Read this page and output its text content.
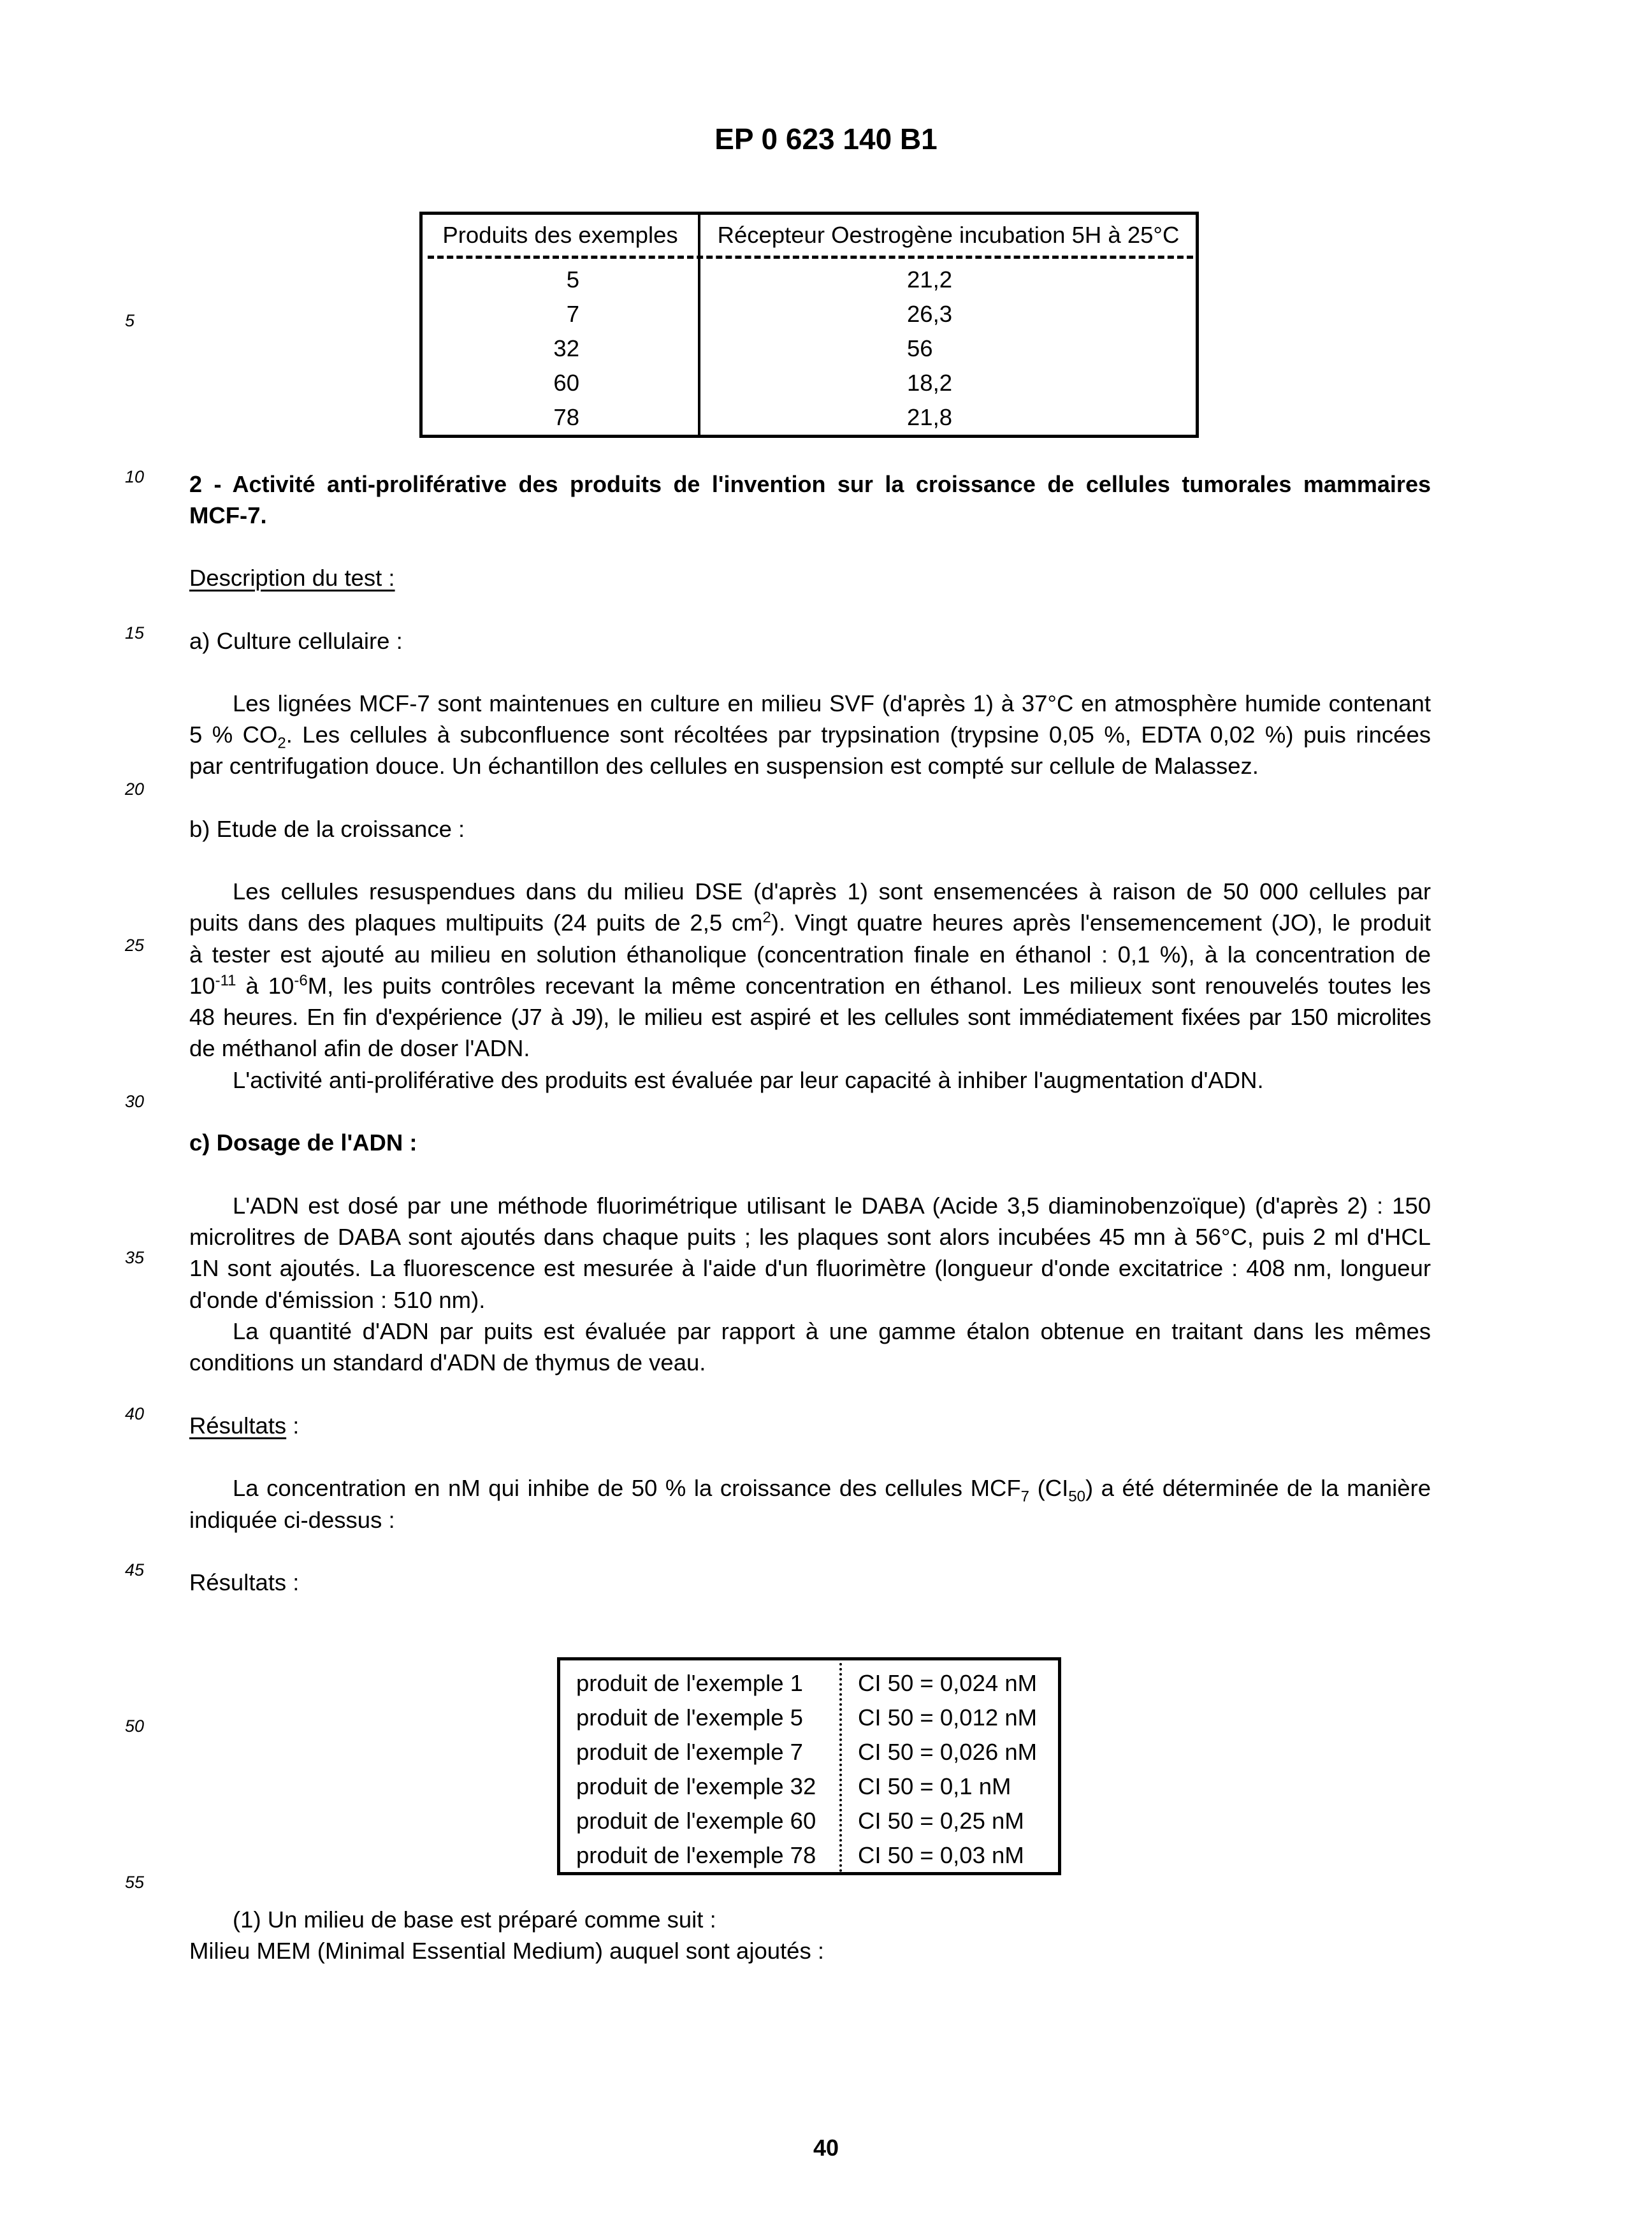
EP 0 623 140 B1
5
10
15
20
25
30
35
40
45
50
55
Produits des exemples	Récepteur Oestrogène incubation 5H à 25°C
5	21,2
7	26,3
32	56
60	18,2
78	21,8
2 - Activité anti-proliférative des produits de l'invention sur la croissance de cellules tumorales mammaires
MCF-7.
Description du test :
a) Culture cellulaire :
Les lignées MCF-7 sont maintenues en culture en milieu SVF (d'après 1) à 37°C en atmosphère humide contenant
5 % $CO_2$. Les cellules à subconfluence sont récoltées par trypsination (trypsine 0,05 %, EDTA 0,02 %) puis rincées
par centrifugation douce. Un échantillon des cellules en suspension est compté sur cellule de Malassez.
b) Etude de la croissance :
Les cellules resuspendues dans du milieu DSE (d'après 1) sont ensemencées à raison de 50 000 cellules par
puits dans des plaques multipuits (24 puits de 2,5 $cm^2$). Vingt quatre heures après l'ensemencement (JO), le produit
à tester est ajouté au milieu en solution éthanolique (concentration finale en éthanol : 0,1 %), à la concentration de
$10^{-11}$ à $10^{-6}M$, les puits contrôles recevant la même concentration en éthanol. Les milieux sont renouvelés toutes les
48 heures. En fin d'expérience (J7 à J9), le milieu est aspiré et les cellules sont immédiatement fixées par 150 microlites
de méthanol afin de doser l'ADN.
L'activité anti-proliférative des produits est évaluée par leur capacité à inhiber l'augmentation d'ADN.
c) Dosage de l'ADN :
L'ADN est dosé par une méthode fluorimétrique utilisant le DABA (Acide 3,5 diaminobenzoïque) (d'après 2) : 150
microlitres de DABA sont ajoutés dans chaque puits ; les plaques sont alors incubées 45 mn à 56°C, puis 2 ml d'HCL
1N sont ajoutés. La fluorescence est mesurée à l'aide d'un fluorimètre (longueur d'onde excitatrice : 408 nm, longueur
d'onde d'émission : 510 nm).
La quantité d'ADN par puits est évaluée par rapport à une gamme étalon obtenue en traitant dans les mêmes
conditions un standard d'ADN de thymus de veau.
Résultats :
La concentration en nM qui inhibe de 50 % la croissance des cellules $MCF_7$ $(CI_{50})$ a été déterminée de la manière
indiquée ci-dessus :
Résultats :
produit de l'exemple 1 CI 50 = 0,024 nM
produit de l'exemple 5 CI 50 = 0,012 nM
produit de l'exemple 7 CI 50 = 0,026 nM
produit de l'exemple 32 CI 50 = 0,1 nM
produit de l'exemple 60 CI 50 = 0,25 nM
produit de l'exemple 78 CI 50 = 0,03 nM
(1) Un milieu de base est préparé comme suit :
Milieu MEM (Minimal Essential Medium) auquel sont ajoutés :
40
